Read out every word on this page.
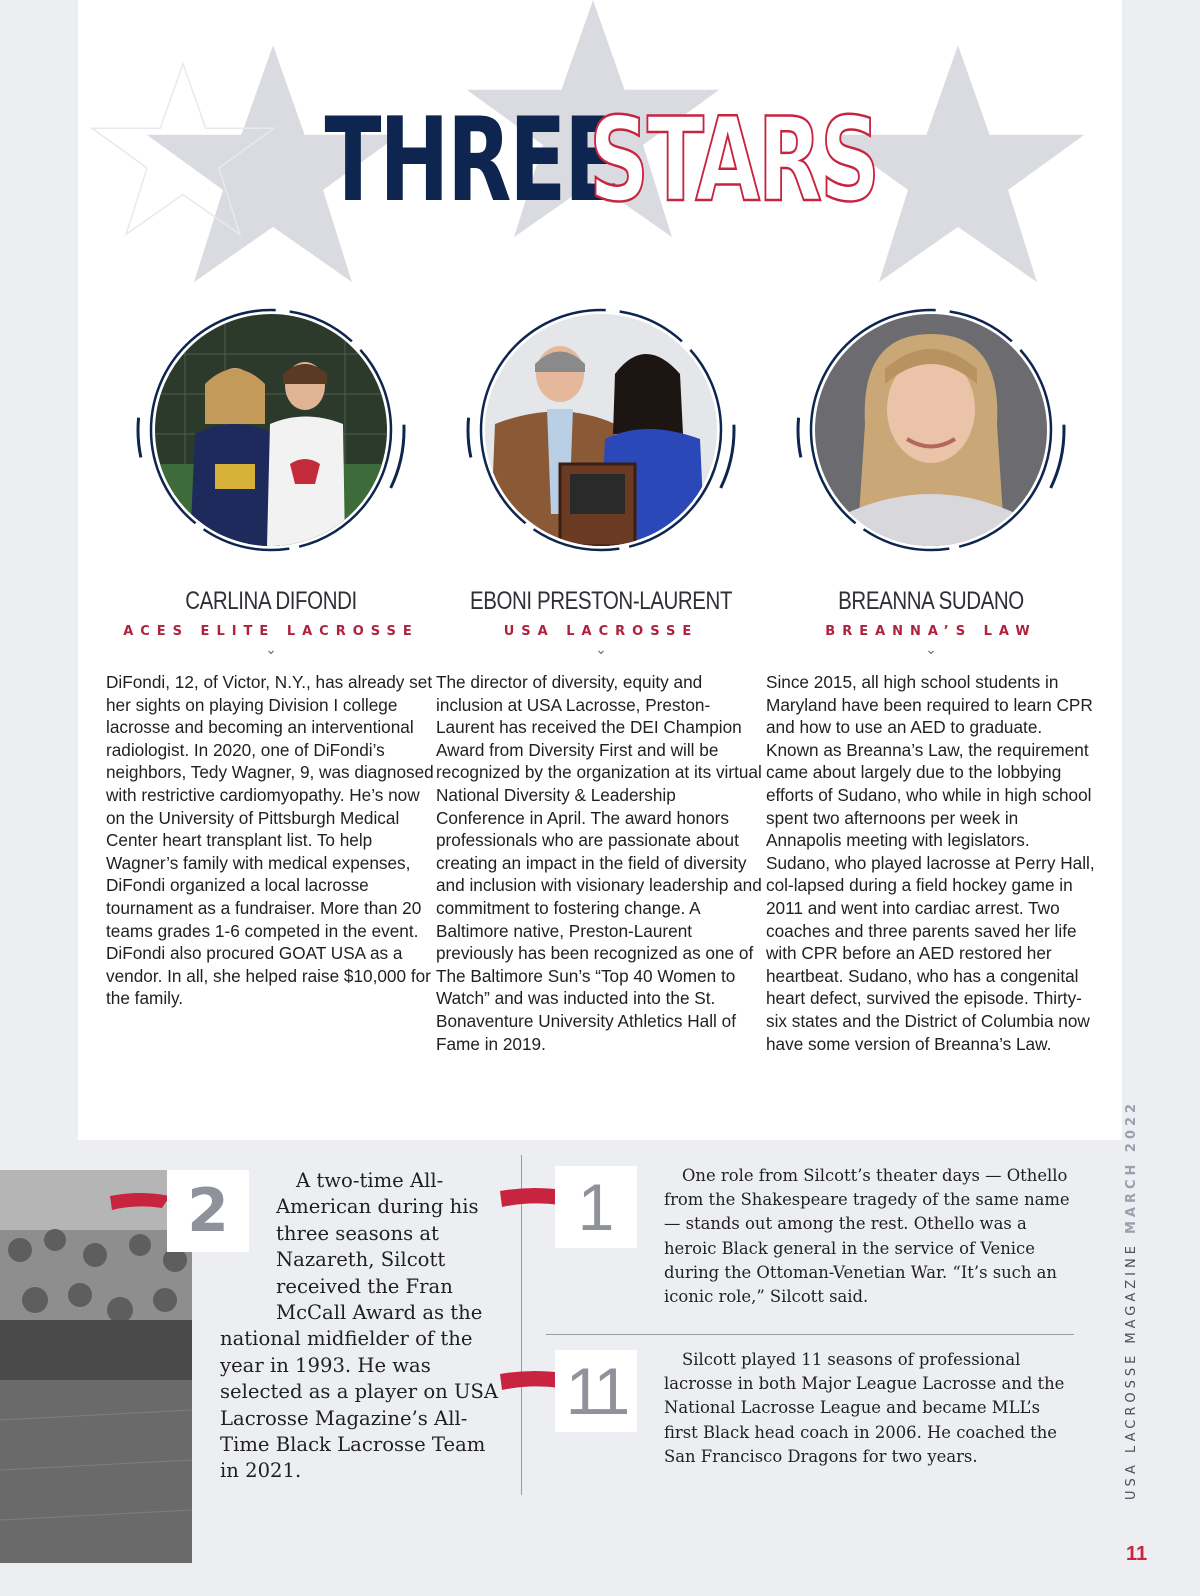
THREESTARS
CARLINA DIFONDI
ACES ELITE LACROSSE
⌄
DiFondi, 12, of Victor, N.Y., has already set her sights on playing Division I college lacrosse and becoming an interventional radiologist. In 2020, one of DiFondi’s neighbors, Tedy Wagner, 9, was diagnosed with restrictive cardiomyopathy. He’s now on the University of Pittsburgh Medical Center heart transplant list. To help Wagner’s family with medical expenses, DiFondi organized a local lacrosse tournament as a fundraiser. More than 20 teams grades 1-6 competed in the event. DiFondi also procured GOAT USA as a vendor. In all, she helped raise $10,000 for the family.
EBONI PRESTON-LAURENT
USA LACROSSE
⌄
The director of diversity, equity and inclusion at USA Lacrosse, Preston-Laurent has received the DEI Champion Award from Diversity First and will be recognized by the organization at its virtual National Diversity & Leadership Conference in April. The award honors professionals who are passionate about creating an impact in the field of diversity and inclusion with visionary leadership and commitment to fostering change. A Baltimore native, Preston-Laurent previously has been recognized as one of The Baltimore Sun’s “Top 40 Women to Watch” and was inducted into the St. Bonaventure University Athletics Hall of Fame in 2019.
BREANNA SUDANO
BREANNA’S LAW
⌄
Since 2015, all high school students in Maryland have been required to learn CPR and how to use an AED to graduate. Known as Breanna’s Law, the requirement came about largely due to the lobbying efforts of Sudano, who while in high school spent two afternoons per week in Annapolis meeting with legislators. Sudano, who played lacrosse at Perry Hall, col-lapsed during a field hockey game in 2011 and went into cardiac arrest. Two coaches and three parents saved her life with CPR before an AED restored her heartbeat. Sudano, who has a congenital heart defect, survived the episode. Thirty-six states and the District of Columbia now have some version of Breanna’s Law.
2	A two-time All-American during his three seasons at Nazareth, Silcott received the Fran McCall Award as the national midfielder of the year in 1993. He was selected as a player on USA Lacrosse Magazine’s All-Time Black Lacrosse Team in 2021.
1	One role from Silcott’s theater days — Othello from the Shakespeare tragedy of the same name — stands out among the rest. Othello was a heroic Black general in the service of Venice during the Ottoman-Venetian War. “It’s such an iconic role,” Silcott said.
11	Silcott played 11 seasons of professional lacrosse in both Major League Lacrosse and the National Lacrosse League and became MLL’s first Black head coach in 2006. He coached the San Francisco Dragons for two years.	USA LACROSSE MAGAZINEMARCH 2022
11
